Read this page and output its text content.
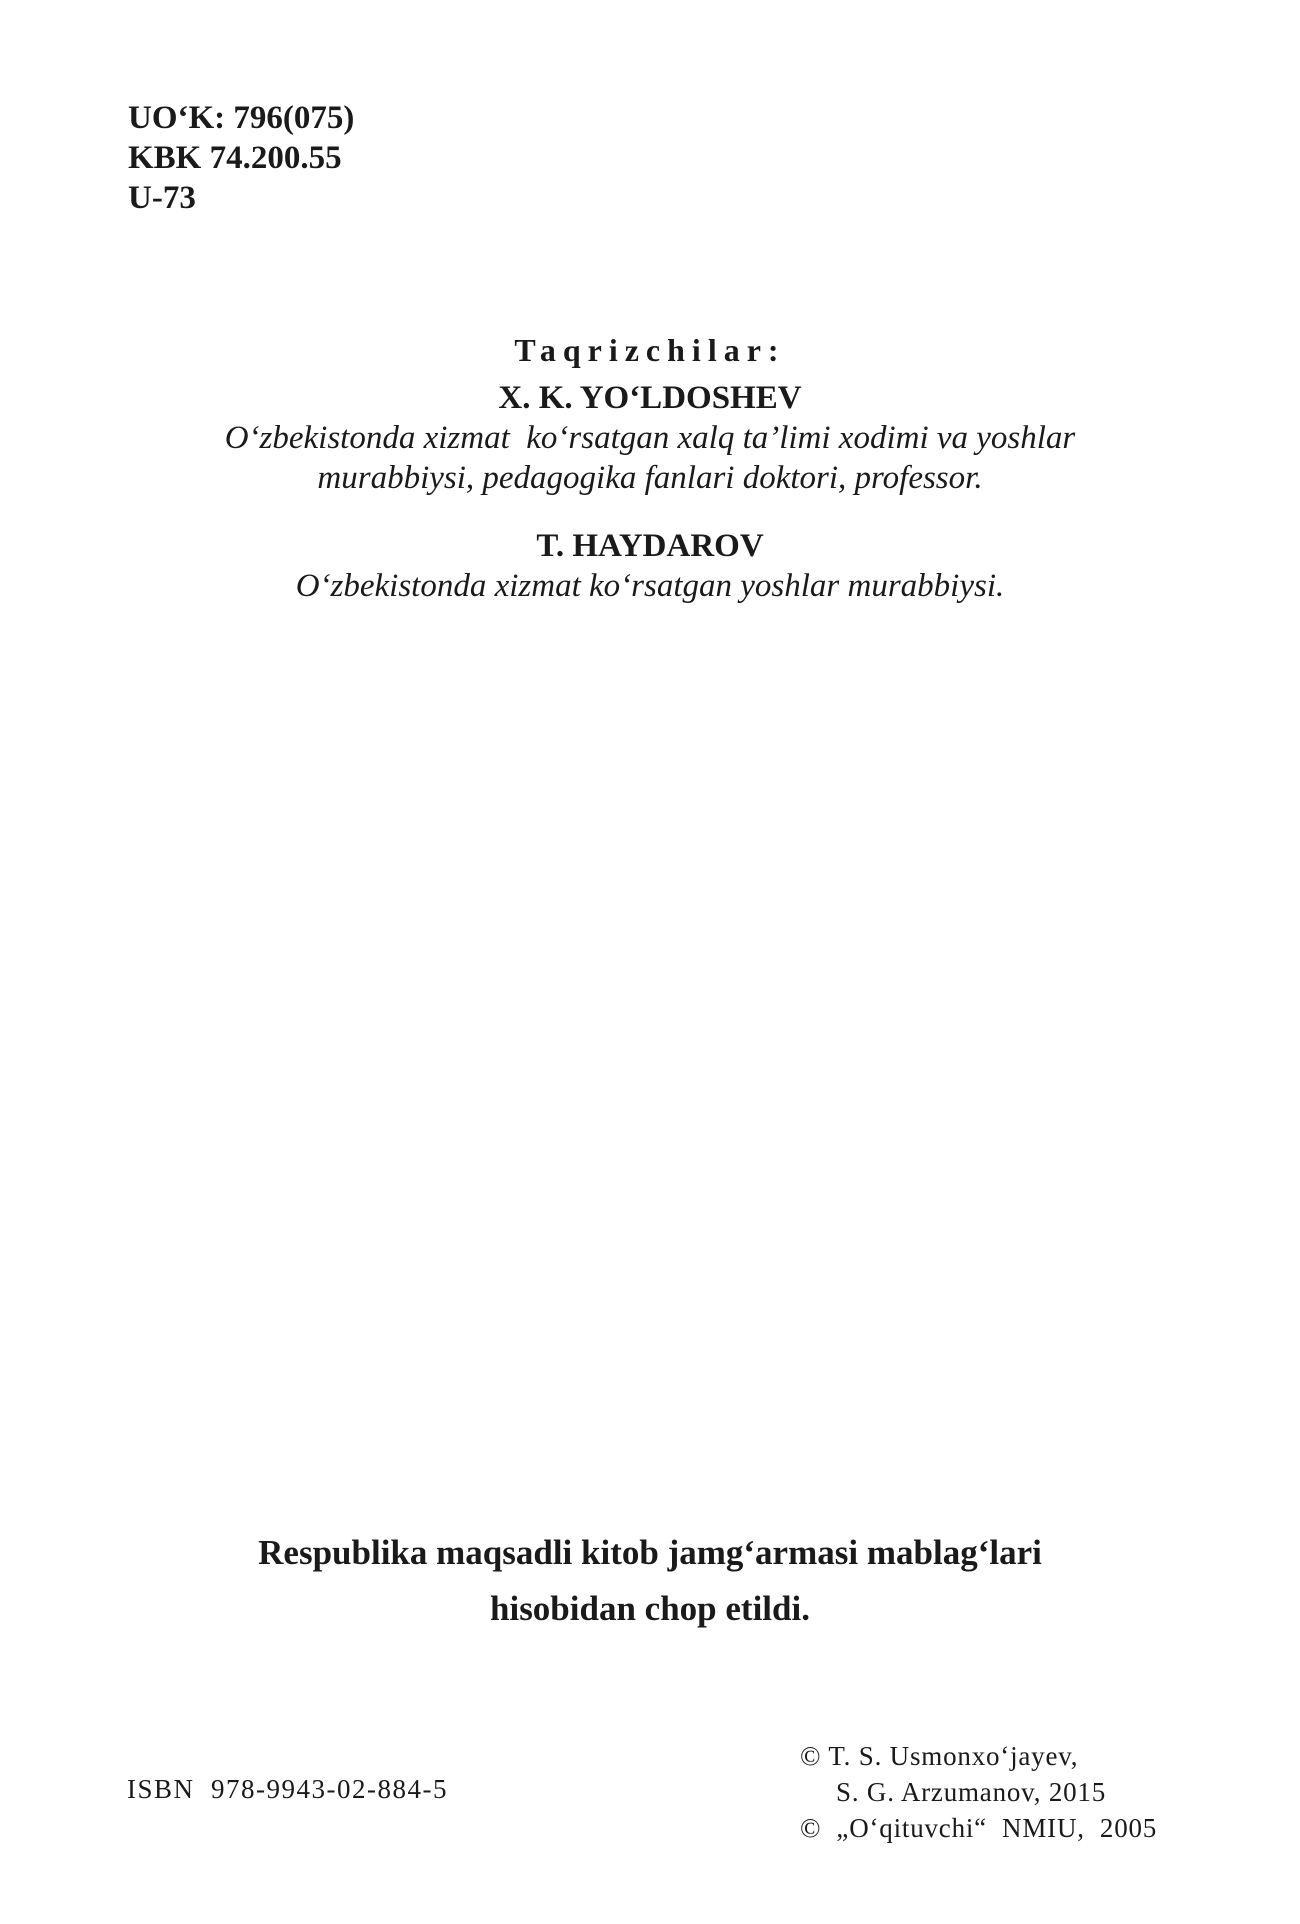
UO‘K: 796(075)
KBK 74.200.55
U-73

Taqrizchilar:

X. K. YO‘LDOSHEV

O‘zbekistonda xizmat  ko‘rsatgan xalq ta’limi xodimi va yoshlar

murabbiysi, pedagogika fanlari doktori, professor.

T. HAYDAROV

O‘zbekistonda xizmat ko‘rsatgan yoshlar murabbiysi.

Respublika maqsadli kitob jamg‘armasi mablag‘lari
hisobidan chop etildi.
ISBN  978-9943-02-884-5
© T. S. Usmonxo‘jayev,
S. G. Arzumanov, 2015
©  „O‘qituvchi“  NMIU,  2005
